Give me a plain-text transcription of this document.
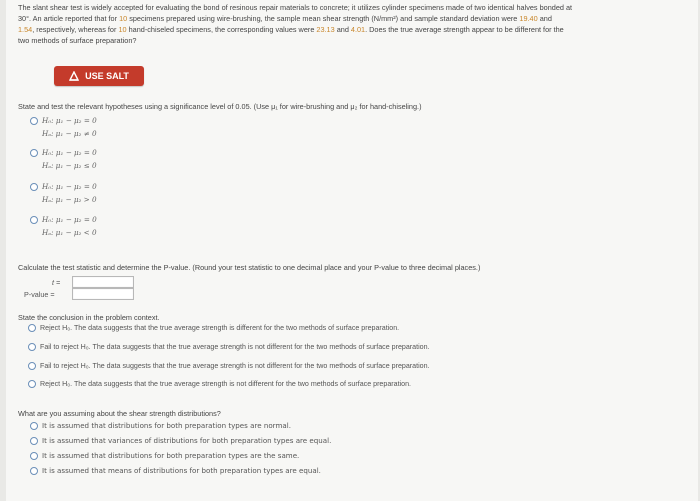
The slant shear test is widely accepted for evaluating the bond of resinous repair materials to concrete; it utilizes cylinder specimens made of two identical halves bonded at
30°. An article reported that for 10 specimens prepared using wire-brushing, the sample mean shear strength (N/mm²) and sample standard deviation were 19.40 and
1.54, respectively, whereas for 10 hand-chiseled specimens, the corresponding values were 23.13 and 4.01. Does the true average strength appear to be different for the
two methods of surface preparation?
USE SALT
State and test the relevant hypotheses using a significance level of 0.05. (Use μ₁ for wire-brushing and μ₂ for hand-chiseling.)
H₀: μ₁ − μ₂ = 0
Hₐ: μ₁ − μ₂ ≠ 0
H₀: μ₁ − μ₂ = 0
Hₐ: μ₁ − μ₂ ≤ 0
H₀: μ₁ − μ₂ = 0
Hₐ: μ₁ − μ₂ > 0
H₀: μ₁ − μ₂ = 0
Hₐ: μ₁ − μ₂ < 0
Calculate the test statistic and determine the P-value. (Round your test statistic to one decimal place and your P-value to three decimal places.)
t =
P-value =
State the conclusion in the problem context.
Reject H₀. The data suggests that the true average strength is different for the two methods of surface preparation.
Fail to reject H₀. The data suggests that the true average strength is not different for the two methods of surface preparation.
Fail to reject H₀. The data suggests that the true average strength is not different for the two methods of surface preparation.
Reject H₀. The data suggests that the true average strength is not different for the two methods of surface preparation.
What are you assuming about the shear strength distributions?
It is assumed that distributions for both preparation types are normal.
It is assumed that variances of distributions for both preparation types are equal.
It is assumed that distributions for both preparation types are the same.
It is assumed that means of distributions for both preparation types are equal.
